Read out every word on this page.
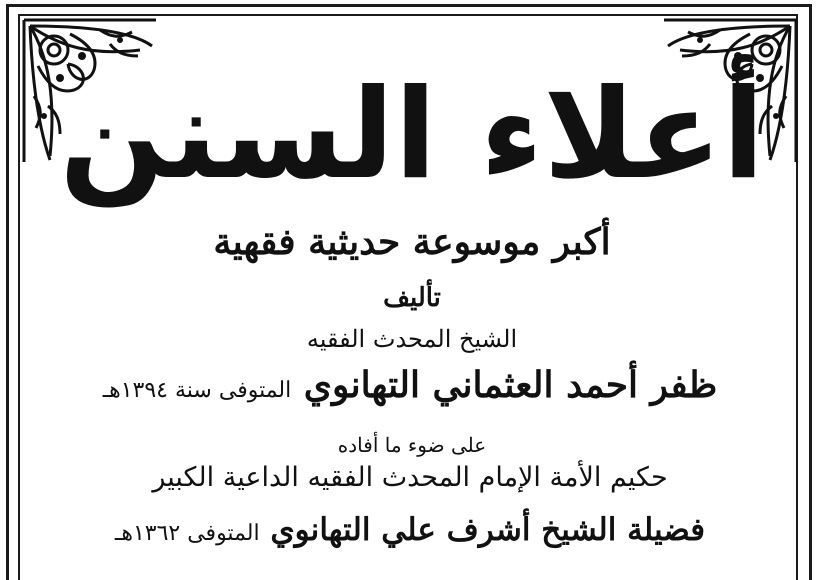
أعلاء السنن
أكبر موسوعة حديثية فقهية
تأليف
الشيخ المحدث الفقيه
ظفر أحمد العثماني التهانوي المتوفى سنة ١٣٩٤هـ
على ضوء ما أفاده
حكيم الأمة الإمام المحدث الفقيه الداعية الكبير
فضيلة الشيخ أشرف علي التهانوي المتوفى ١٣٦٢هـ
